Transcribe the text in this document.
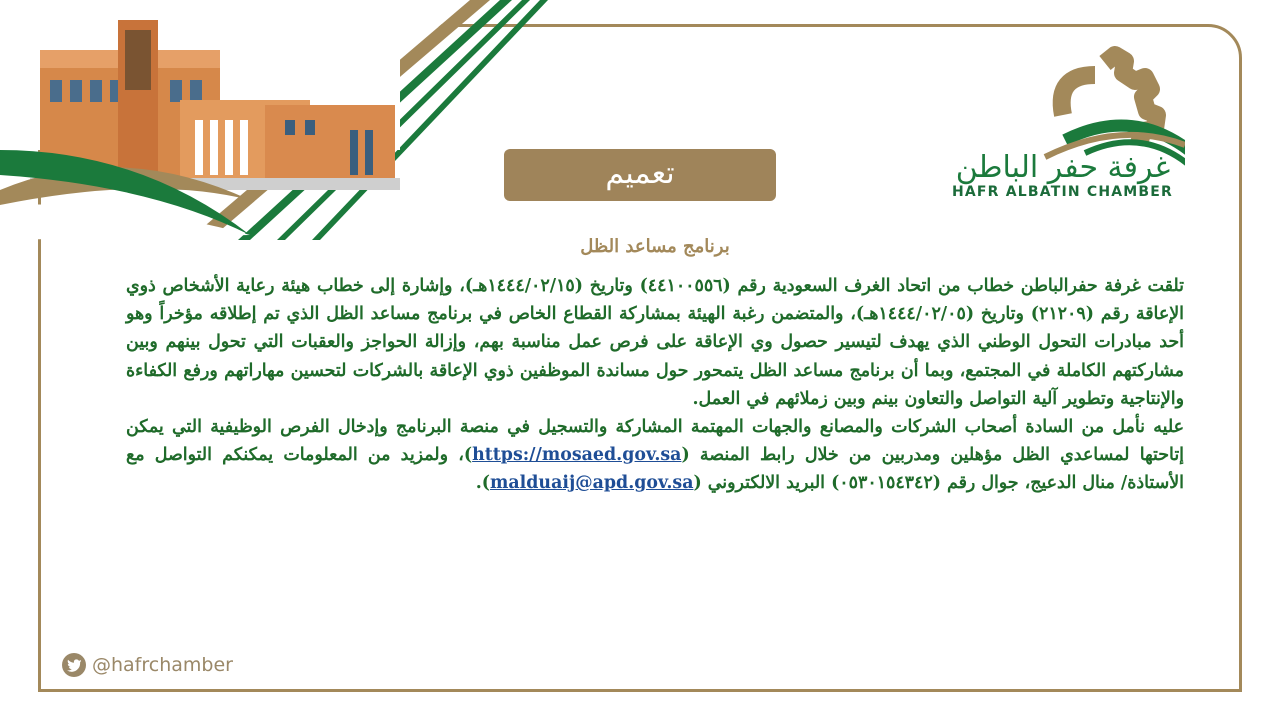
غرفة حفر الباطن
HAFR ALBATIN CHAMBER
تعميم
برنامج مساعد الظل

تلقت غرفة حفرالباطن خطاب من اتحاد الغرف السعودية رقم (٤٤١٠٠٥٥٦) وتاريخ (١٤٤٤/٠٢/١٥هـ)، وإشارة إلى خطاب هيئة رعاية الأشخاص ذوي الإعاقة رقم (٢١٢٠٩) وتاريخ (١٤٤٤/٠٢/٠٥هـ)، والمتضمن رغبة الهيئة بمشاركة القطاع الخاص في برنامج مساعد الظل الذي تم إطلاقه مؤخراً وهو أحد مبادرات التحول الوطني الذي يهدف لتيسير حصول وي الإعاقة على فرص عمل مناسبة بهم، وإزالة الحواجز والعقبات التي تحول بينهم وبين مشاركتهم الكاملة في المجتمع، وبما أن برنامج مساعد الظل يتمحور حول مساندة الموظفين ذوي الإعاقة بالشركات لتحسين مهاراتهم ورفع الكفاءة والإنتاجية وتطوير آلية التواصل والتعاون بينم وبين زملائهم في العمل.

عليه نأمل من السادة أصحاب الشركات والمصانع والجهات المهتمة المشاركة والتسجيل في منصة البرنامج وإدخال الفرص الوظيفية التي يمكن إتاحتها لمساعدي الظل مؤهلين ومدربين من خلال رابط المنصة (https://mosaed.gov.sa)، ولمزيد من المعلومات يمكنكم التواصل مع الأستاذة/ منال الدعيج، جوال رقم (٠٥٣٠١٥٤٣٤٢) البريد الالكتروني (malduaij@apd.gov.sa).

@hafrchamber
